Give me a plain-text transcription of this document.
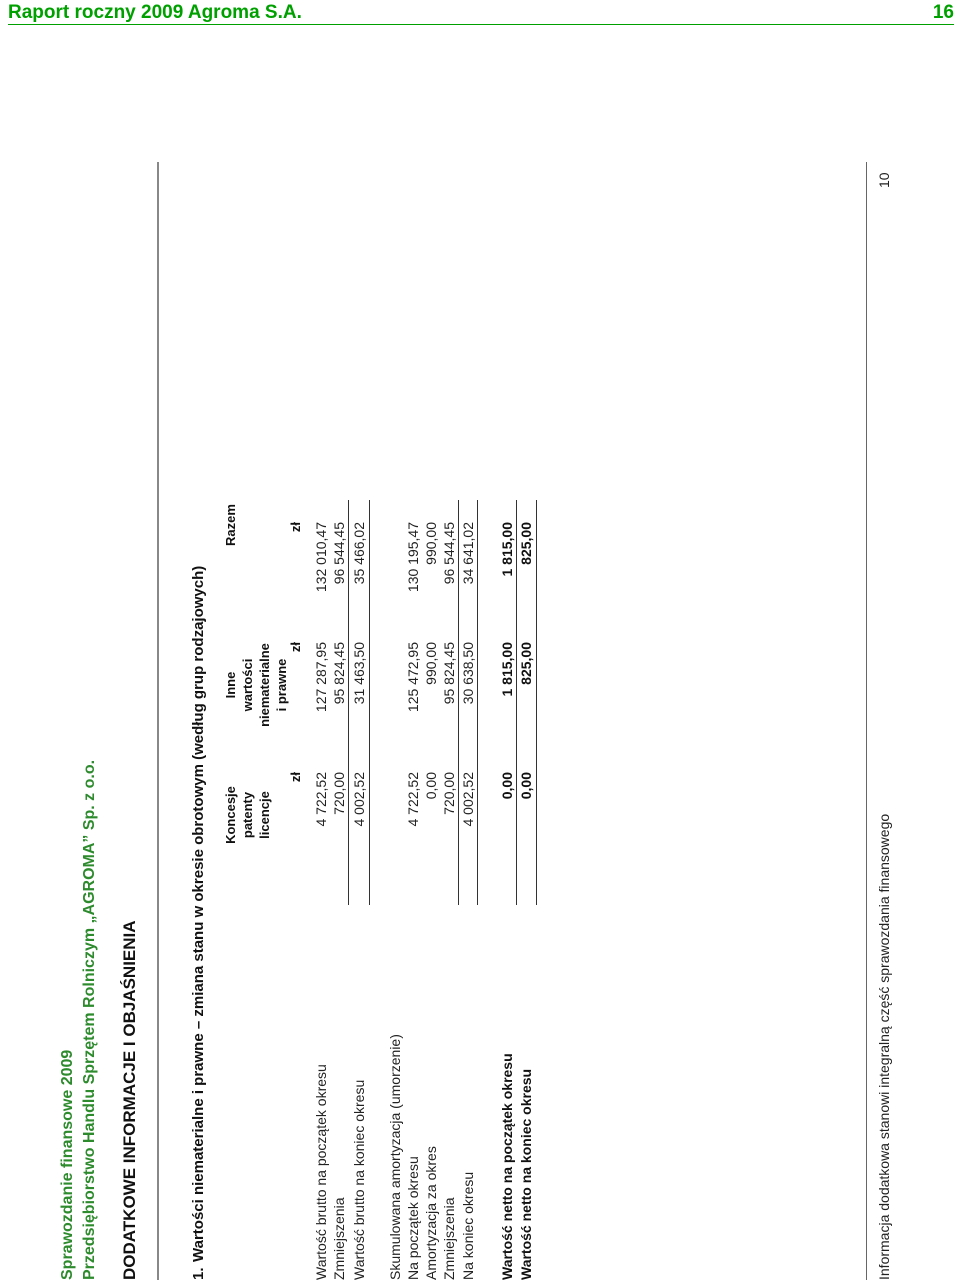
Raport roczny 2009 Agroma S.A.	16
Sprawozdanie finansowe 2009 Przedsiębiorstwo Handlu Sprzętem Rolniczym „AGROMA” Sp. z o.o. DODATKOWE INFORMACJE I OBJAŚNIENIA	1.
Wartości niematerialne i prawne – zmiana stanu w okresie obrotowym (według grup rodzajowych) Koncesje patenty licencje
Inne wartości niematerialne i prawne
Razem
zł
zł
zł
Wartość brutto na początek okresu
4 722,52
127 287,95
132 010,47
Zmniejszenia
720,00
95 824,45
96 544,45
Wartość brutto na koniec okresu
4 002,52
31 463,50
35 466,02
Skumulowana amortyzacja (umorzenie) Na początek okresu
4 722,52
125 472,95
130 195,47
Amortyzacja za okres
0,00
990,00
990,00
Zmniejszenia
720,00
95 824,45
96 544,45
Na koniec okresu
4 002,52
30 638,50
34 641,02
Wartość netto na początek okresu
0,00
1 815,00
1 815,00
Wartość netto na koniec okresu
0,00
825,00
825,00
Informacja dodatkowa stanowi integralną część sprawozdania finansowego
10
